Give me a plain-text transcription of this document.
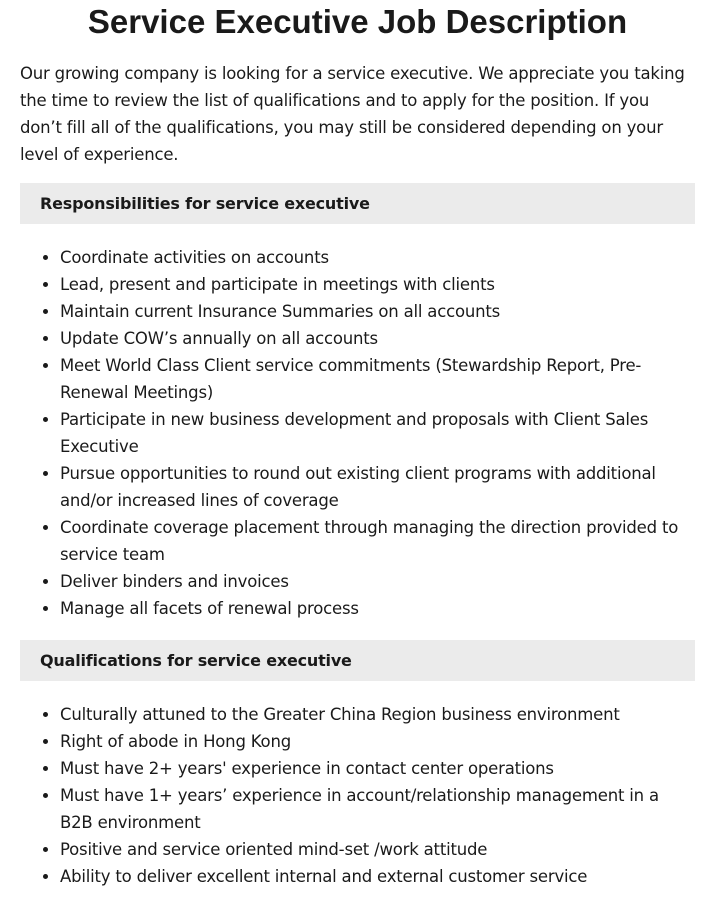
Service Executive Job Description

Our growing company is looking for a service executive. We appreciate you taking the time to review the list of qualifications and to apply for the position. If you don’t fill all of the qualifications, you may still be considered depending on your level of experience.

Responsibilities for service executive
• Coordinate activities on accounts
• Lead, present and participate in meetings with clients
• Maintain current Insurance Summaries on all accounts
• Update COW’s annually on all accounts
• Meet World Class Client service commitments (Stewardship Report, Pre-Renewal Meetings)
• Participate in new business development and proposals with Client Sales Executive
• Pursue opportunities to round out existing client programs with additional and/or increased lines of coverage
• Coordinate coverage placement through managing the direction provided to service team
• Deliver binders and invoices
• Manage all facets of renewal process
Qualifications for service executive
• Culturally attuned to the Greater China Region business environment
• Right of abode in Hong Kong
• Must have 2+ years' experience in contact center operations
• Must have 1+ years’ experience in account/relationship management in a B2B environment
• Positive and service oriented mind-set /work attitude
• Ability to deliver excellent internal and external customer service
